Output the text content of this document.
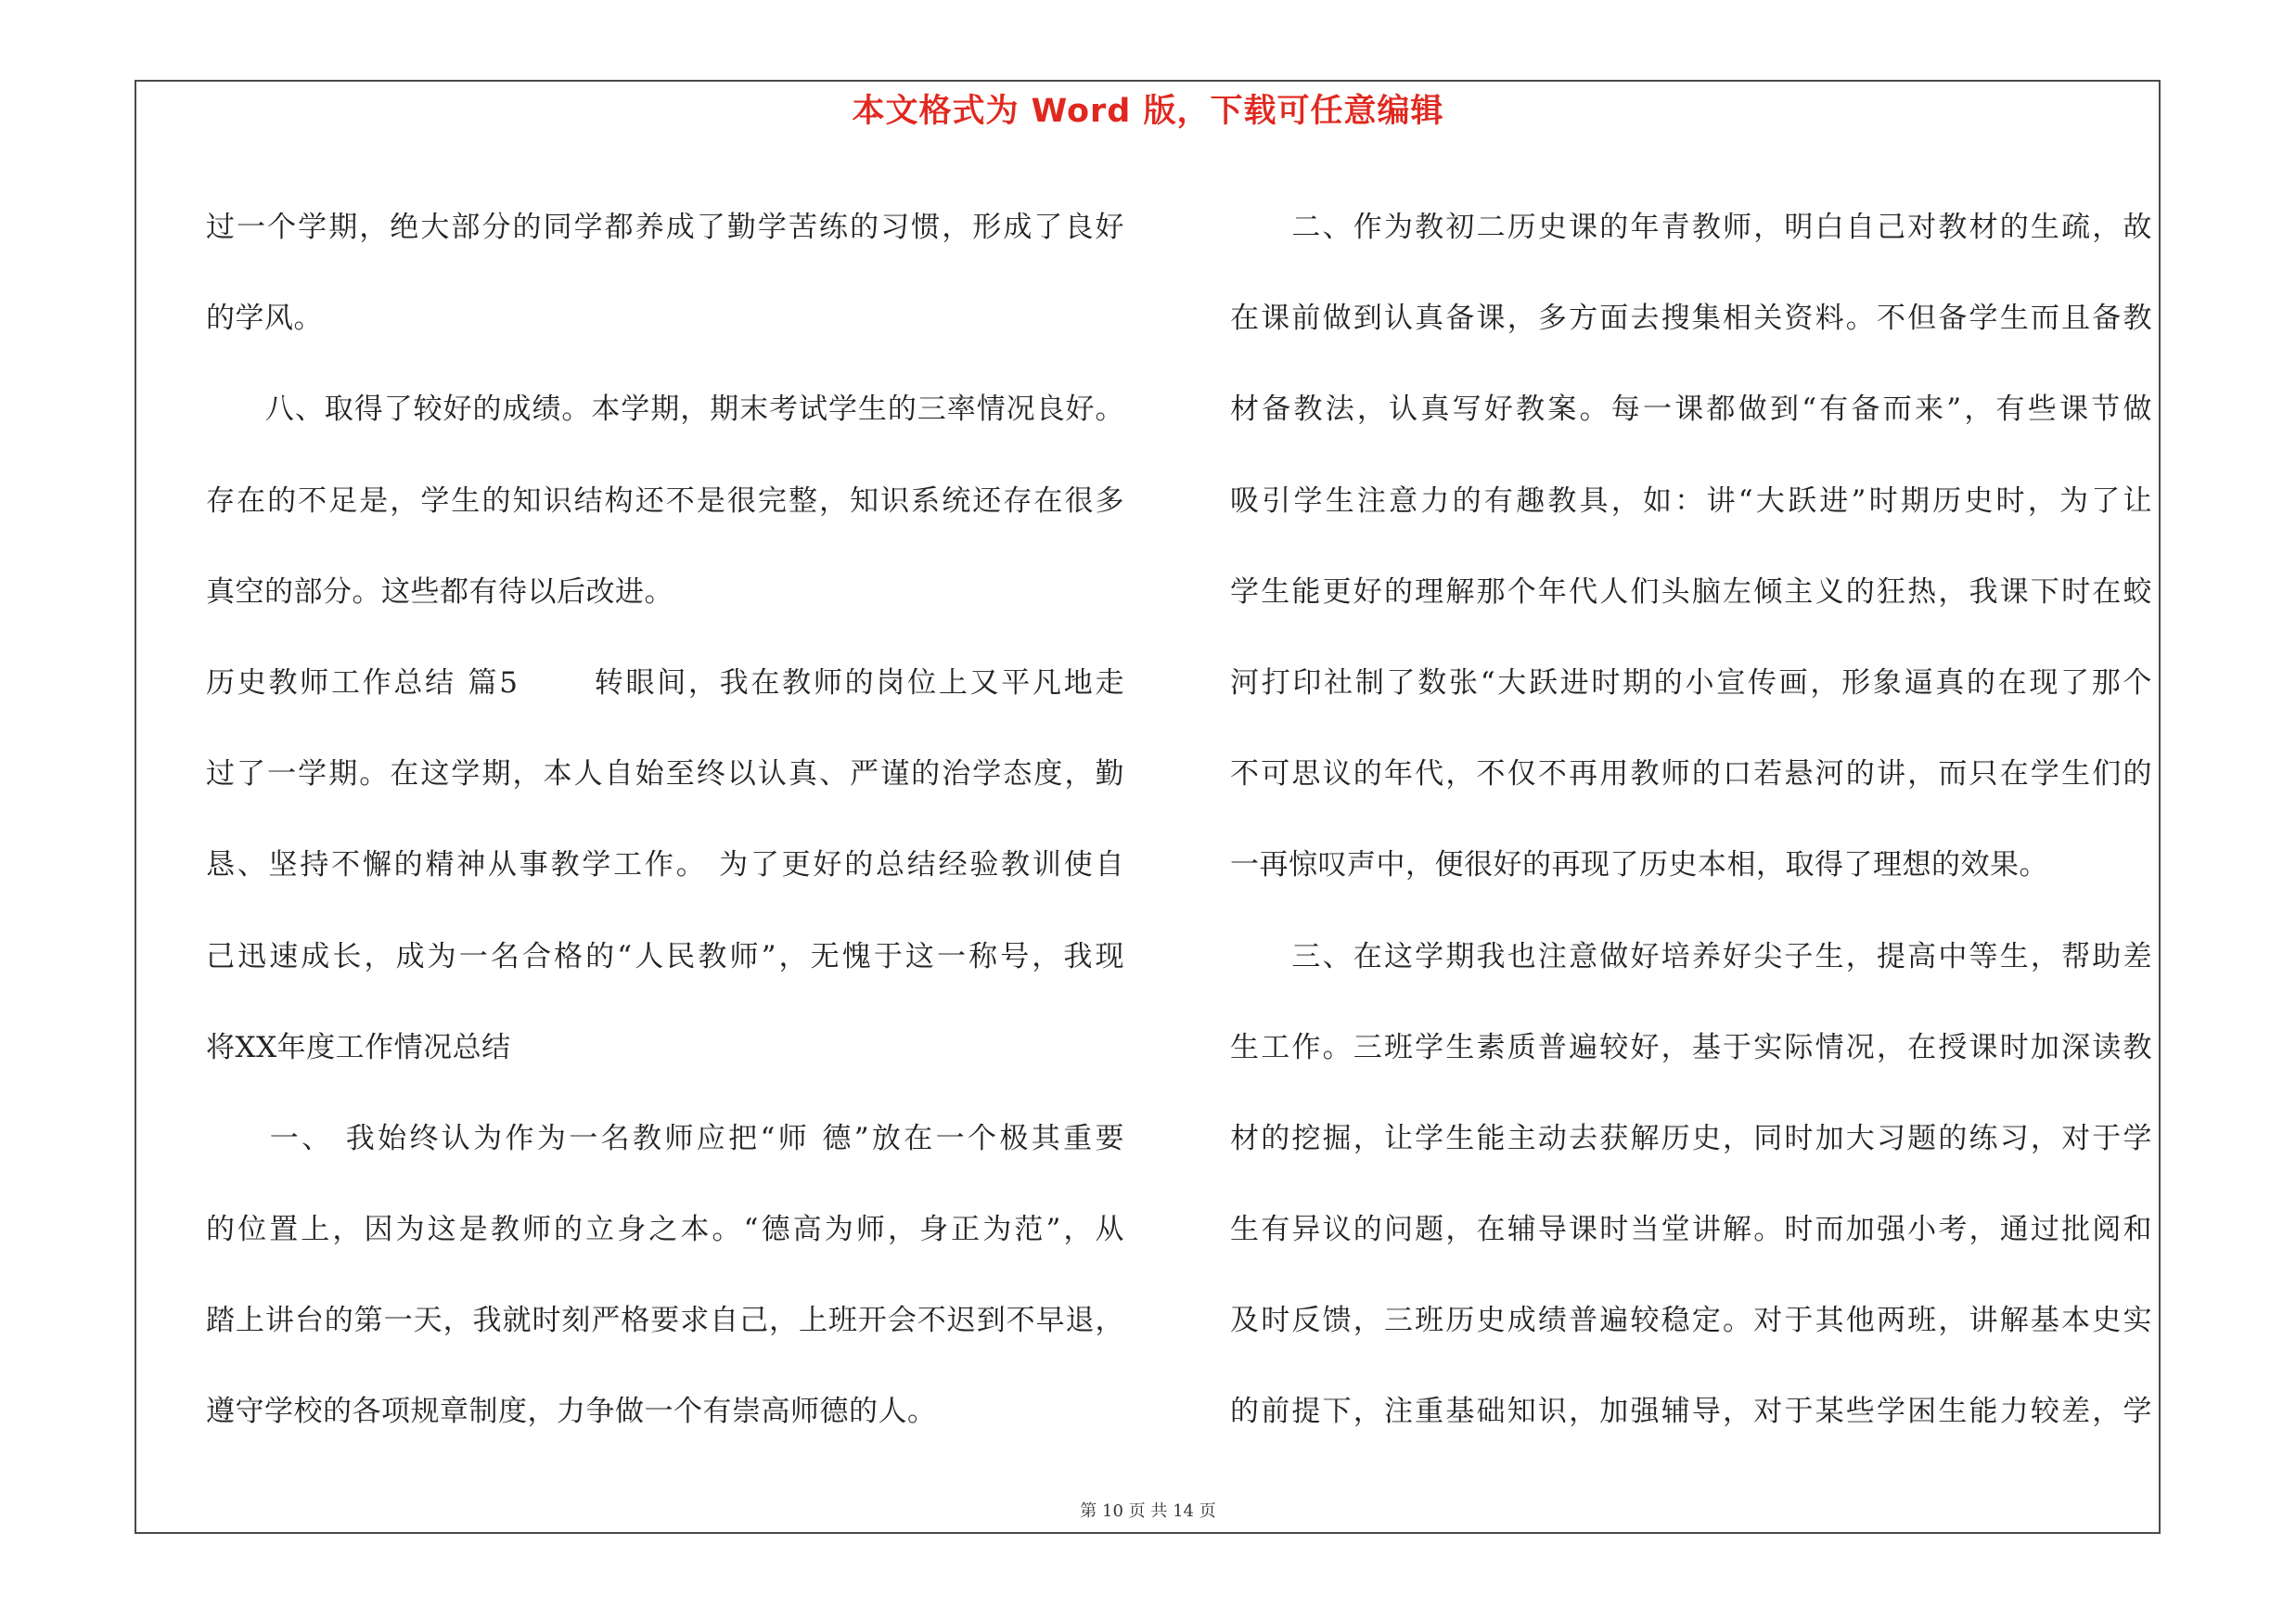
本文格式为 Word 版，下载可任意编辑
过一个学期，绝大部分的同学都养成了勤学苦练的习惯，形成了良好
的学风。
　　八、取得了较好的成绩。本学期，期末考试学生的三率情况良好。
存在的不足是，学生的知识结构还不是很完整，知识系统还存在很多
真空的部分。这些都有待以后改进。
历史教师工作总结 篇5　　 转眼间，我在教师的岗位上又平凡地走
过了一学期。在这学期，本人自始至终以认真、严谨的治学态度，勤
恳、坚持不懈的精神从事教学工作。 为了更好的总结经验教训使自
己迅速成长，成为一名合格的“人民教师”，无愧于这一称号，我现
将XX年度工作情况总结
　　一、 我始终认为作为一名教师应把“师 德”放在一个极其重要
的位置上，因为这是教师的立身之本。“德高为师，身正为范”，从
踏上讲台的第一天，我就时刻严格要求自己，上班开会不迟到不早退，
遵守学校的各项规章制度，力争做一个有崇高师德的人。
　　二、作为教初二历史课的年青教师，明白自己对教材的生疏，故
在课前做到认真备课，多方面去搜集相关资料。不但备学生而且备教
材备教法，认真写好教案。每一课都做到“有备而来”，有些课节做
吸引学生注意力的有趣教具，如：讲“大跃进”时期历史时，为了让
学生能更好的理解那个年代人们头脑左倾主义的狂热，我课下时在蛟
河打印社制了数张“大跃进时期的小宣传画，形象逼真的在现了那个
不可思议的年代，不仅不再用教师的口若悬河的讲，而只在学生们的
一再惊叹声中，便很好的再现了历史本相，取得了理想的效果。
　　三、在这学期我也注意做好培养好尖子生，提高中等生，帮助差
生工作。三班学生素质普遍较好，基于实际情况，在授课时加深读教
材的挖掘，让学生能主动去获解历史，同时加大习题的练习，对于学
生有异议的问题，在辅导课时当堂讲解。时而加强小考，通过批阅和
及时反馈，三班历史成绩普遍较稳定。对于其他两班，讲解基本史实
的前提下，注重基础知识，加强辅导，对于某些学困生能力较差，学
第 10 页 共 14 页
